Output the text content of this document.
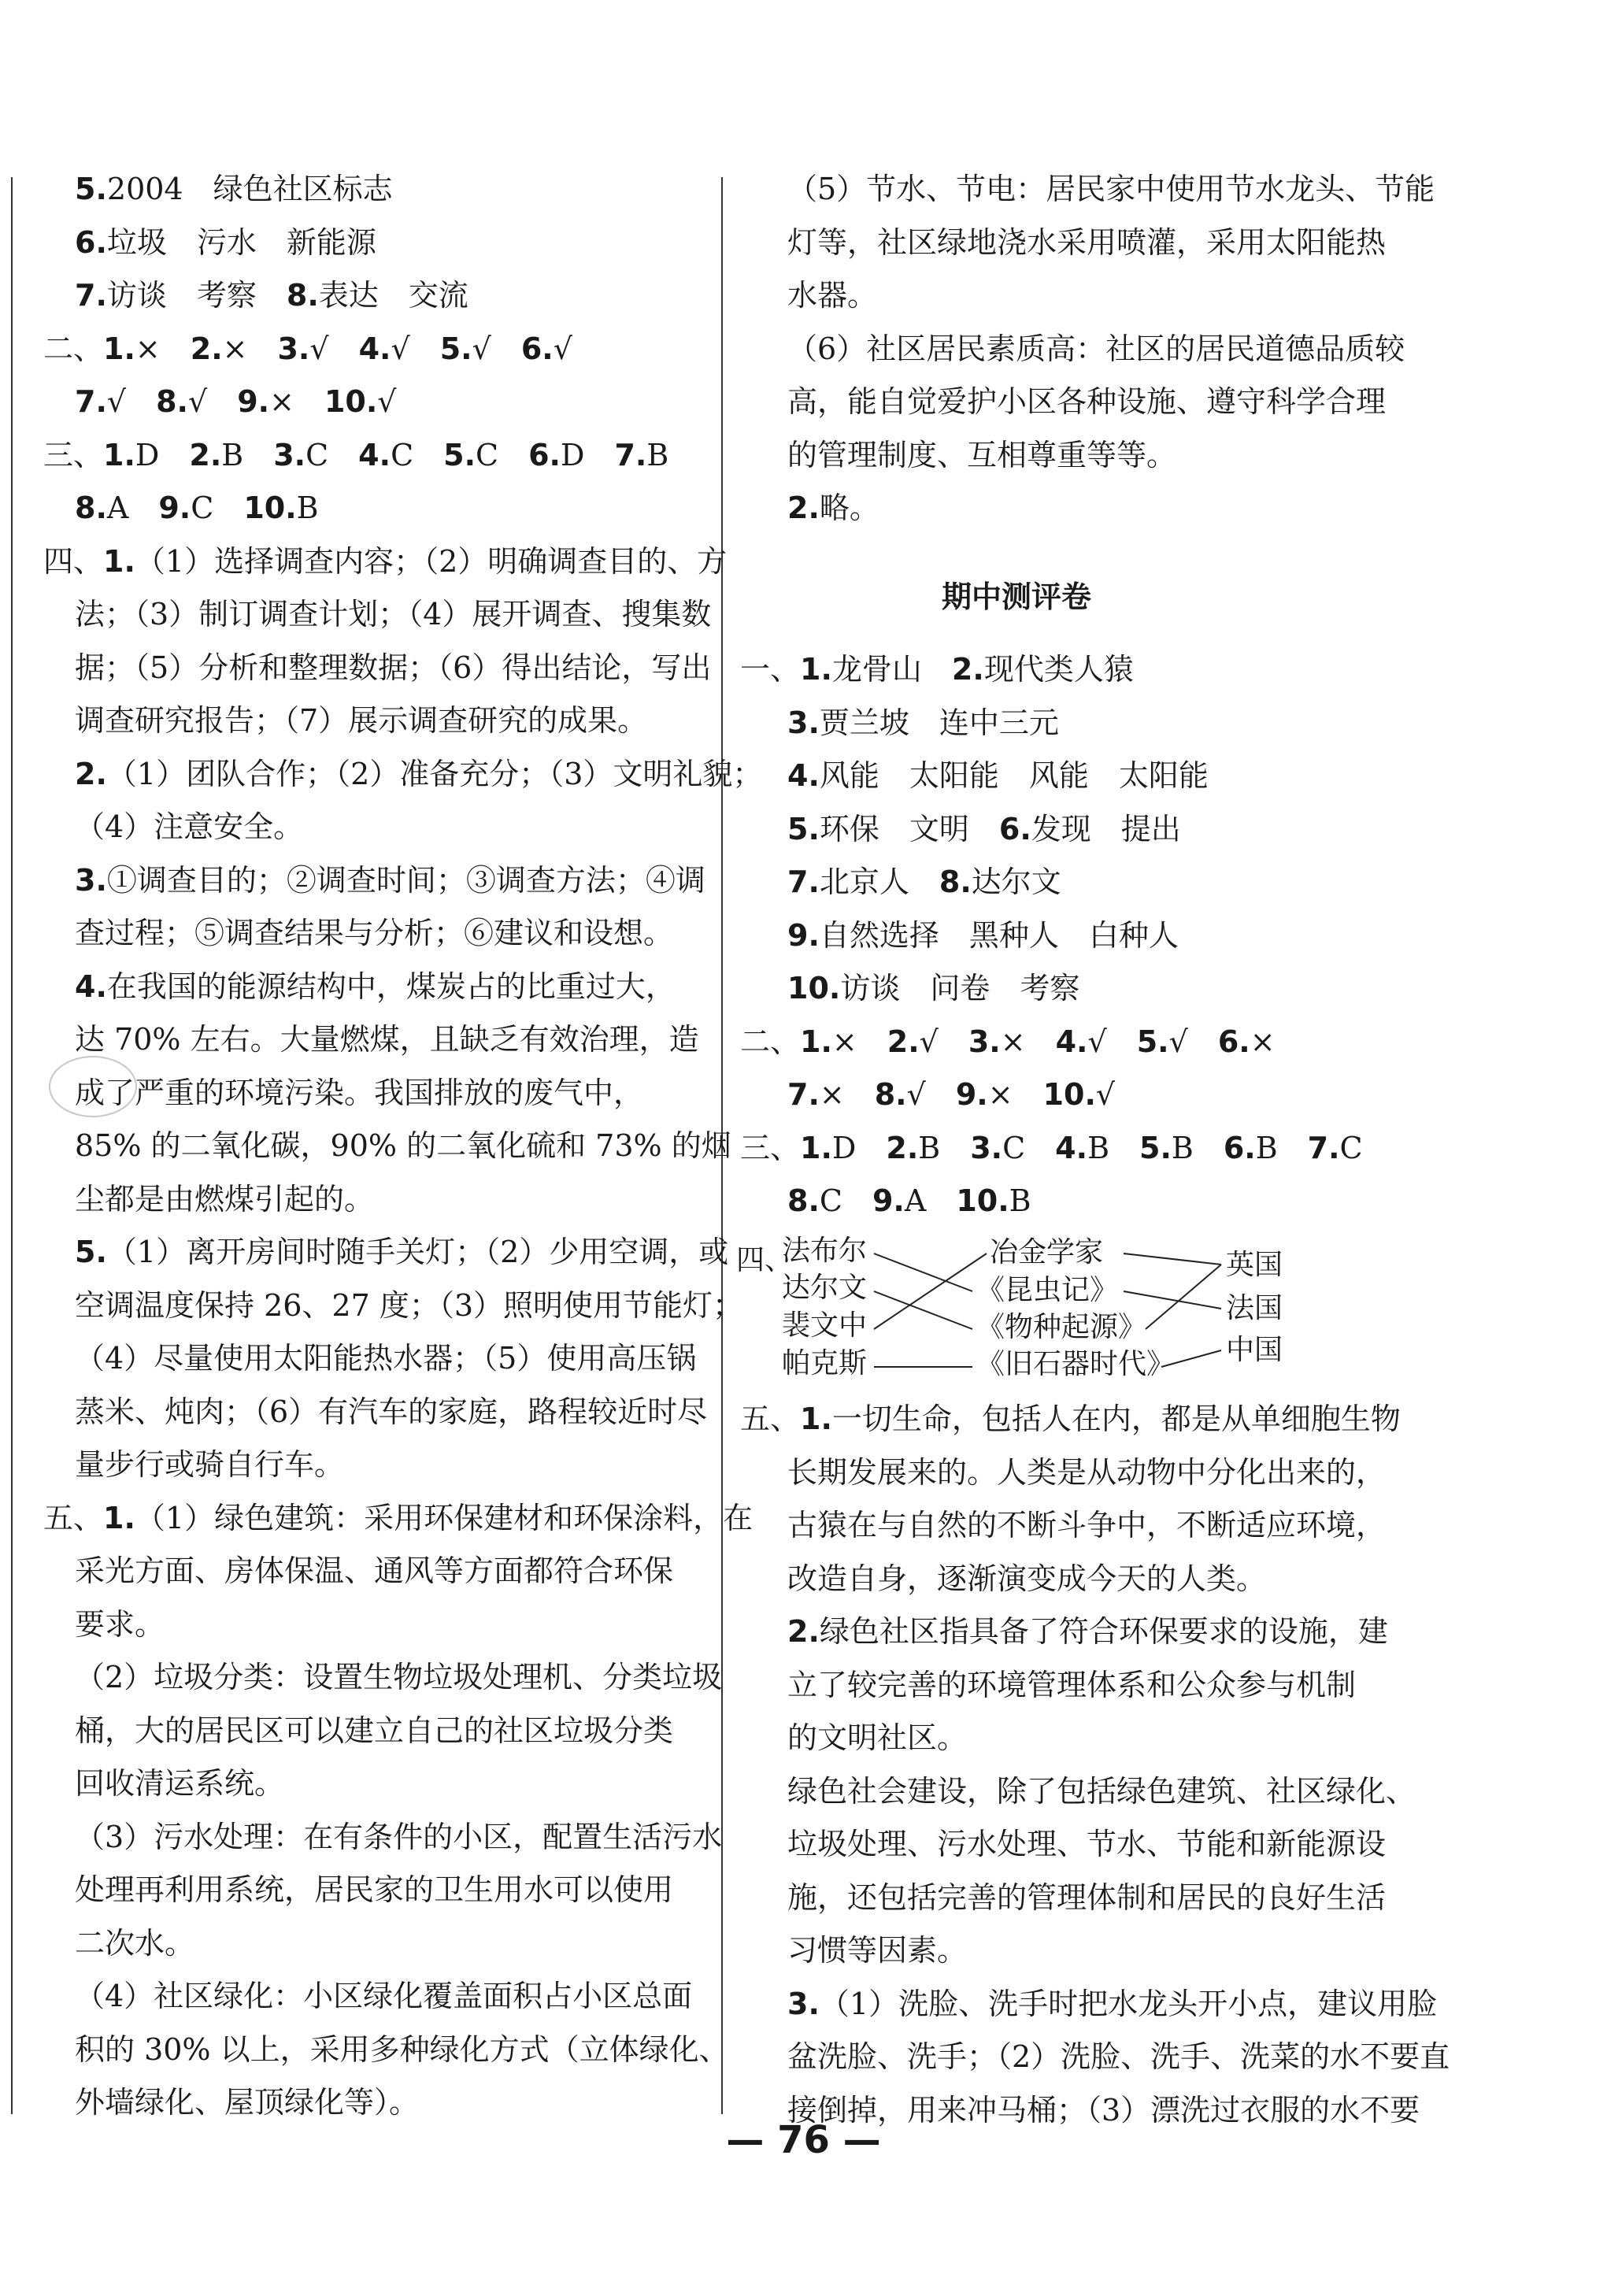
5.2004　绿色社区标志
6.垃圾　污水　新能源
7.访谈　考察　8.表达　交流
二、1.×　2.×　3.√　4.√　5.√　6.√
7.√　8.√　9.×　10.√
三、1.D　2.B　3.C　4.C　5.C　6.D　7.B
8.A　9.C　10.B
四、1.（1）选择调查内容；（2）明确调查目的、方
法；（3）制订调查计划；（4）展开调查、搜集数
据；（5）分析和整理数据；（6）得出结论，写出
调查研究报告；（7）展示调查研究的成果。
2.（1）团队合作；（2）准备充分；（3）文明礼貌；
（4）注意安全。
3.①调查目的；②调查时间；③调查方法；④调
查过程；⑤调查结果与分析；⑥建议和设想。
4.在我国的能源结构中，煤炭占的比重过大，
达 70% 左右。大量燃煤，且缺乏有效治理，造
成了严重的环境污染。我国排放的废气中，
85% 的二氧化碳，90% 的二氧化硫和 73% 的烟
尘都是由燃煤引起的。
5.（1）离开房间时随手关灯；（2）少用空调，或
空调温度保持 26、27 度；（3）照明使用节能灯；
（4）尽量使用太阳能热水器；（5）使用高压锅
蒸米、炖肉；（6）有汽车的家庭，路程较近时尽
量步行或骑自行车。
五、1.（1）绿色建筑：采用环保建材和环保涂料，在
采光方面、房体保温、通风等方面都符合环保
要求。
（2）垃圾分类：设置生物垃圾处理机、分类垃圾
桶，大的居民区可以建立自己的社区垃圾分类
回收清运系统。
（3）污水处理：在有条件的小区，配置生活污水
处理再利用系统，居民家的卫生用水可以使用
二次水。
（4）社区绿化：小区绿化覆盖面积占小区总面
积的 30% 以上，采用多种绿化方式（立体绿化、
外墙绿化、屋顶绿化等）。
（5）节水、节电：居民家中使用节水龙头、节能
灯等，社区绿地浇水采用喷灌，采用太阳能热
水器。
（6）社区居民素质高：社区的居民道德品质较
高，能自觉爱护小区各种设施、遵守科学合理
的管理制度、互相尊重等等。
2.略。
期中测评卷
一、1.龙骨山　2.现代类人猿
3.贾兰坡　连中三元
4.风能　太阳能　风能　太阳能
5.环保　文明　6.发现　提出
7.北京人　8.达尔文
9.自然选择　黑种人　白种人
10.访谈　问卷　考察
二、1.×　2.√　3.×　4.√　5.√　6.×
7.×　8.√　9.×　10.√
三、1.D　2.B　3.C　4.B　5.B　6.B　7.C
8.C　9.A　10.B
四、
法布尔
达尔文
裴文中
帕克斯
冶金学家
《昆虫记》
《物种起源》
《旧石器时代》
英国
法国
中国
五、1.一切生命，包括人在内，都是从单细胞生物
长期发展来的。人类是从动物中分化出来的，
古猿在与自然的不断斗争中，不断适应环境，
改造自身，逐渐演变成今天的人类。
2.绿色社区指具备了符合环保要求的设施，建
立了较完善的环境管理体系和公众参与机制
的文明社区。
绿色社会建设，除了包括绿色建筑、社区绿化、
垃圾处理、污水处理、节水、节能和新能源设
施，还包括完善的管理体制和居民的良好生活
习惯等因素。
3.（1）洗脸、洗手时把水龙头开小点，建议用脸
盆洗脸、洗手；（2）洗脸、洗手、洗菜的水不要直
接倒掉，用来冲马桶；（3）漂洗过衣服的水不要
— 76 —
